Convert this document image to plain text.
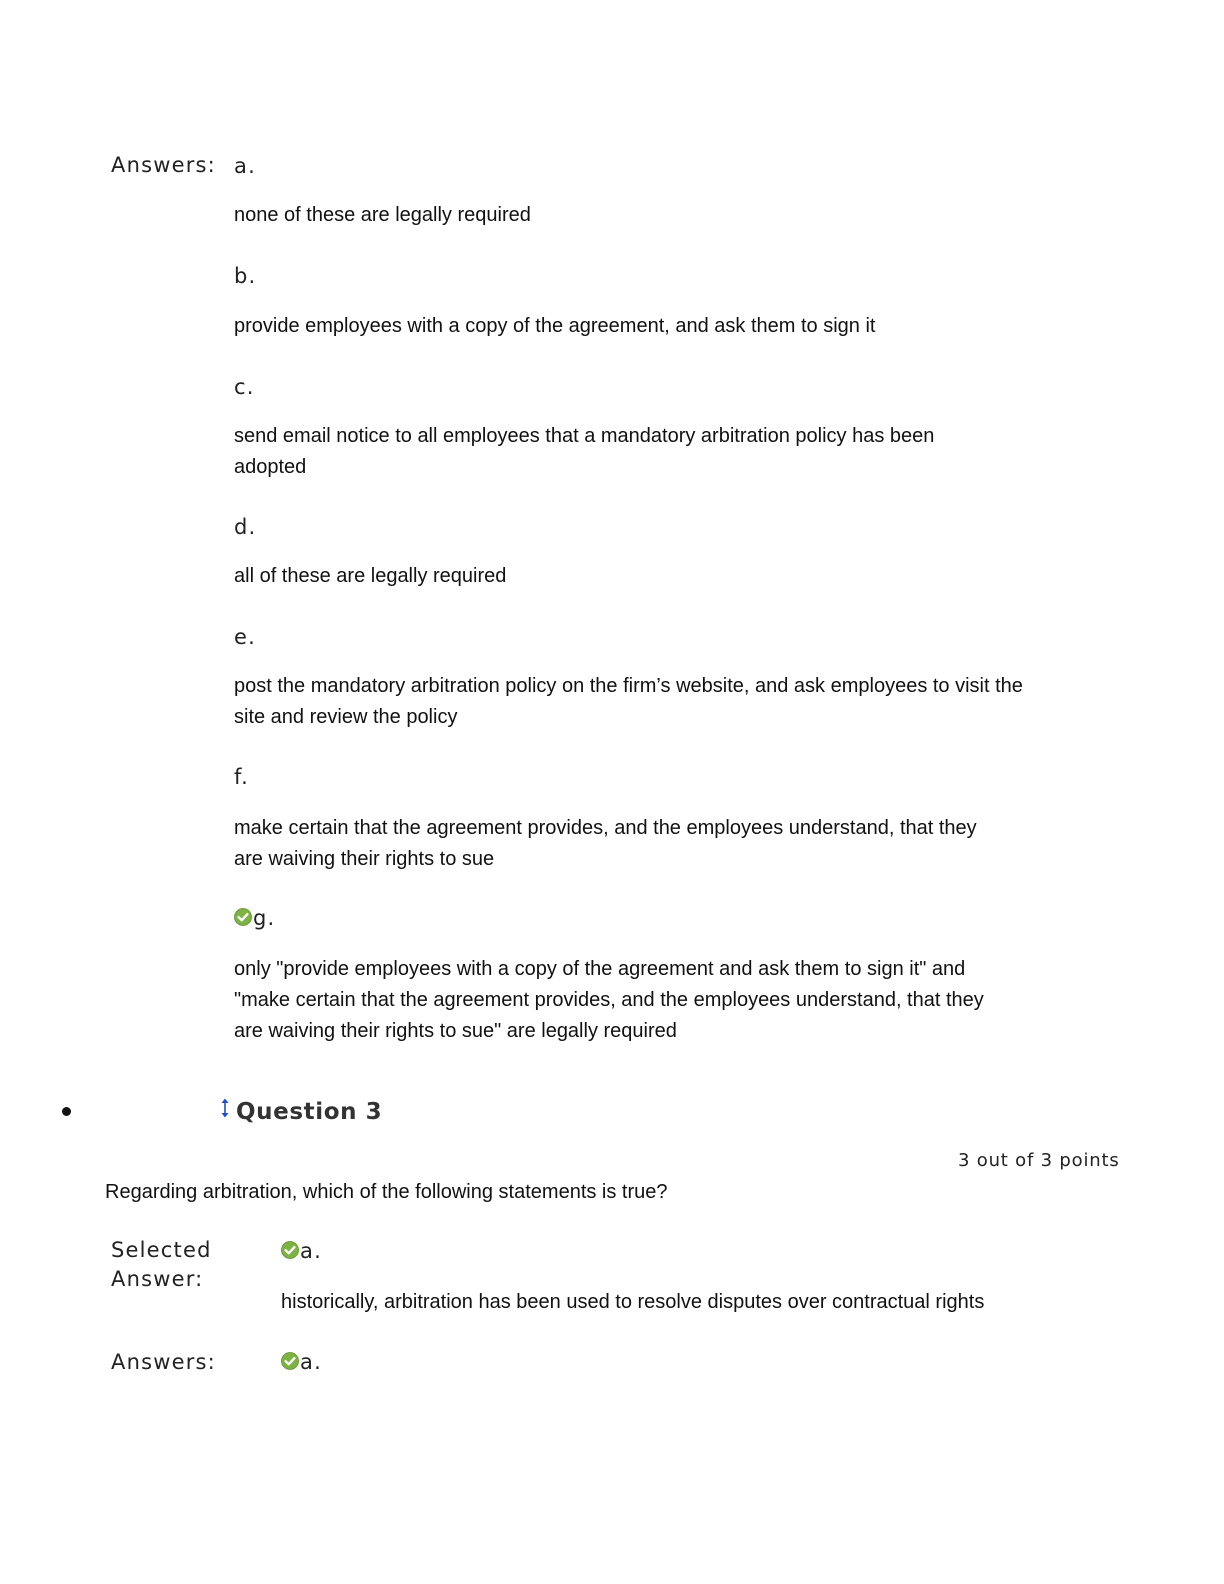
Answers: a.
none of these are legally required
b.
provide employees with a copy of the agreement, and ask them to sign it
c.
send email notice to all employees that a mandatory arbitration policy has been adopted
d.
all of these are legally required
e.
post the mandatory arbitration policy on the firm’s website, and ask employees to visit the site and review the policy
f.
make certain that the agreement provides, and the employees understand, that they are waiving their rights to sue
g.
only "provide employees with a copy of the agreement and ask them to sign it" and "make certain that the agreement provides, and the employees understand, that they are waiving their rights to sue" are legally required
Question 3
3 out of 3 points
Regarding arbitration, which of the following statements is true?
Selected
Answer:
a.
historically, arbitration has been used to resolve disputes over contractual rights
Answers:	a.
